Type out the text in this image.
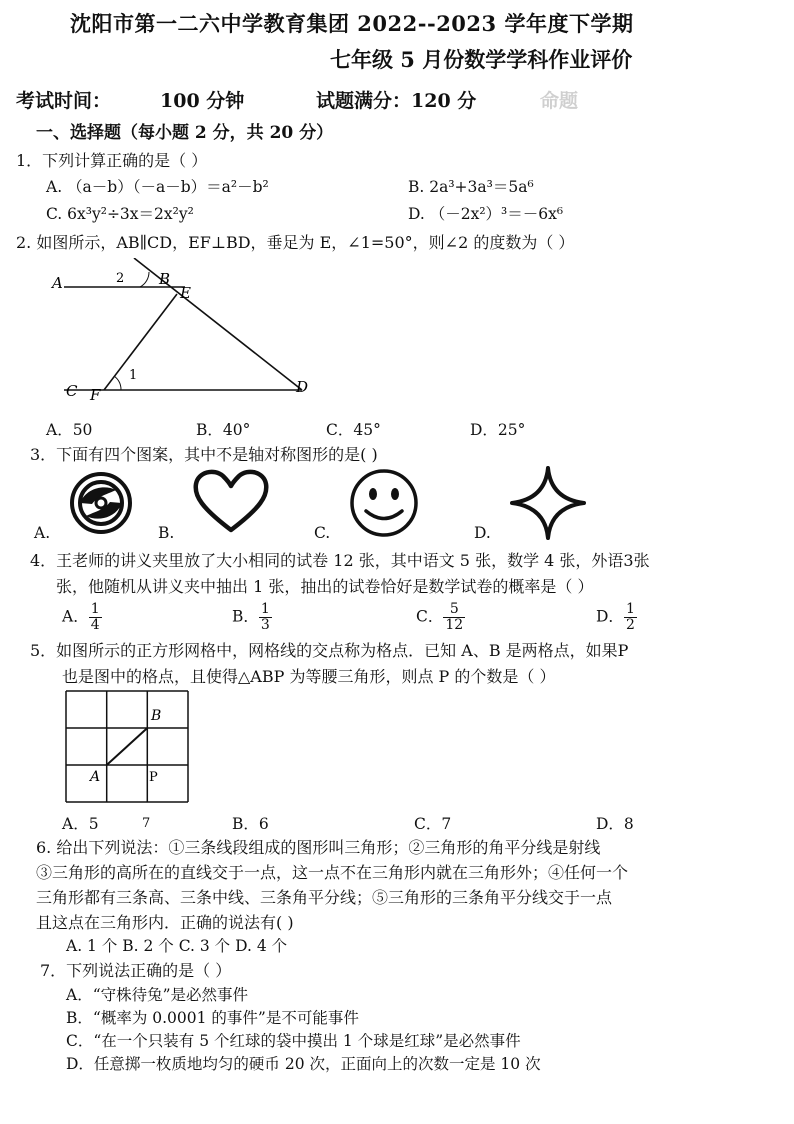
沈阳市第一二六中学教育集团 2022--2023 学年度下学期
七年级 5 月份数学学科作业评价
考试时间：	100 分钟	试题满分：120 分	命题
一、选择题（每小题 2 分，共 20 分）
1．下列计算正确的是（ ）
A. （a－b）（－a－b）＝a²－b²	B. 2a³+3a³＝5a⁶
C. 6x³y²÷3x＝2x²y²	D. （－2x²）³＝－6x⁶
2. 如图所示，AB∥CD，EF⊥BD，垂足为 E，∠1=50°，则∠2 的度数为（ ）
A	B
E
C F	D
1
2
A．50	B．40°	C．45°	D．25°
3．下面有四个图案，其中不是轴对称图形的是( )
A.	B.	C.	D.
4．王老师的讲义夹里放了大小相同的试卷 12 张，其中语文 5 张，数学 4 张，外语3张
张，他随机从讲义夹中抽出 1 张，抽出的试卷恰好是数学试卷的概率是（ ）
A． $\frac{1}{4}$	B． $\frac{1}{3}$	C． $\frac{5}{12}$	D． $\frac{1}{2}$
5．如图所示的正方形网格中，网格线的交点称为格点．已知 A、B 是两格点，如果P
也是图中的格点，且使得△ABP 为等腰三角形，则点 P 的个数是（ ）
A
B
P
A．5	7	B．6	C．7	D．8
6. 给出下列说法：①三条线段组成的图形叫三角形；②三角形的角平分线是射线
③三角形的高所在的直线交于一点，这一点不在三角形内就在三角形外；④任何一个
三角形都有三条高、三条中线、三条角平分线；⑤三角形的三条角平分线交于一点
且这点在三角形内．正确的说法有( )
A. 1 个 B. 2 个 C. 3 个 D. 4 个
7．下列说法正确的是（ ）
A．“守株待兔”是必然事件
B．“概率为 0.0001 的事件”是不可能事件
C．“在一个只装有 5 个红球的袋中摸出 1 个球是红球”是必然事件
D．任意掷一枚质地均匀的硬币 20 次，正面向上的次数一定是 10 次
